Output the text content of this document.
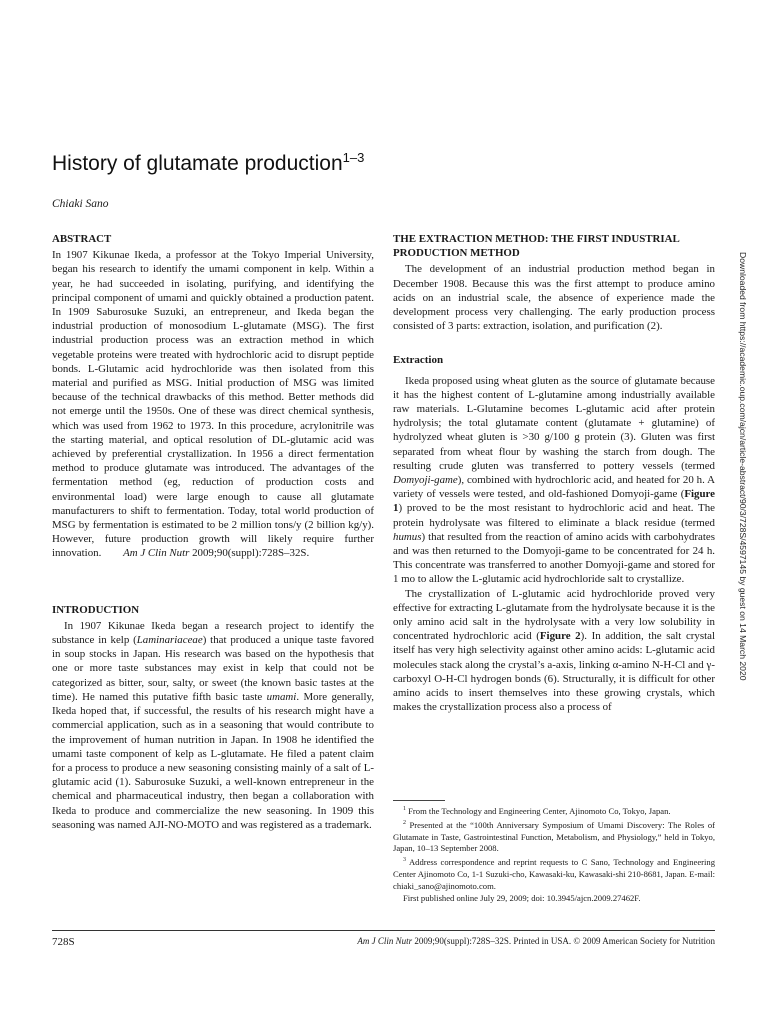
History of glutamate production$^{1-3}$
Chiaki Sano
ABSTRACT

In 1907 Kikunae Ikeda, a professor at the Tokyo Imperial University, began his research to identify the umami component in kelp. Within a year, he had succeeded in isolating, purifying, and identifying the principal component of umami and quickly obtained a production patent. In 1909 Saburosuke Suzuki, an entrepreneur, and Ikeda began the industrial production of monosodium L-glutamate (MSG). The first industrial production process was an extraction method in which vegetable proteins were treated with hydrochloric acid to disrupt peptide bonds. L-Glutamic acid hydrochloride was then isolated from this material and purified as MSG. Initial production of MSG was limited because of the technical drawbacks of this method. Better methods did not emerge until the 1950s. One of these was direct chemical synthesis, which was used from 1962 to 1973. In this procedure, acrylonitrile was the starting material, and optical resolution of DL-glutamic acid was achieved by preferential crystallization. In 1956 a direct fermentation method to produce glutamate was introduced. The advantages of the fermentation method (eg, reduction of production costs and environmental load) were large enough to cause all glutamate manufacturers to shift to fermentation. Today, total world production of MSG by fermentation is estimated to be 2 million tons/y (2 billion kg/y). However, future production growth will likely require further innovation.   Am J Clin Nutr 2009;90(suppl):728S–32S.

INTRODUCTION

In 1907 Kikunae Ikeda began a research project to identify the substance in kelp (Laminariaceae) that produced a unique taste favored in soup stocks in Japan. His research was based on the hypothesis that one or more taste substances may exist in kelp that could not be categorized as bitter, sour, salty, or sweet (the known basic tastes at the time). He named this putative fifth basic taste umami. More generally, Ikeda hoped that, if successful, the results of his research might have a commercial application, such as in a seasoning that would contribute to the improvement of human nutrition in Japan. In 1908 he identified the umami taste component of kelp as L-glutamate. He filed a patent claim for a process to produce a new seasoning consisting mainly of a salt of L-glutamic acid (1). Saburosuke Suzuki, a well-known entrepreneur in the chemical and pharmaceutical industry, then began a collaboration with Ikeda to produce and commercialize the new seasoning. In 1909 this seasoning was named AJI-NO-MOTO and was registered as a trademark.

THE EXTRACTION METHOD: THE FIRST INDUSTRIAL PRODUCTION METHOD

The development of an industrial production method began in December 1908. Because this was the first attempt to produce amino acids on an industrial scale, the absence of experience made the development process very challenging. The early production process consisted of 3 parts: extraction, isolation, and purification (2).

Extraction

Ikeda proposed using wheat gluten as the source of glutamate because it has the highest content of L-glutamine among industrially available raw materials. L-Glutamine becomes L-glutamic acid after protein hydrolysis; the total glutamate content (glutamate + glutamine) of hydrolyzed wheat gluten is >30 g/100 g protein (3). Gluten was first separated from wheat flour by washing the starch from dough. The resulting crude gluten was transferred to pottery vessels (termed Domyoji-game), combined with hydrochloric acid, and heated for 20 h. A variety of vessels were tested, and old-fashioned Domyoji-game (Figure 1) proved to be the most resistant to hydrochloric acid and heat. The protein hydrolysate was filtered to eliminate a black residue (termed humus) that resulted from the reaction of amino acids with carbohydrates and was then returned to the Domyoji-game to be concentrated for 24 h. This concentrate was transferred to another Domyoji-game and stored for 1 mo to allow the L-glutamic acid hydrochloride salt to crystallize.

The crystallization of L-glutamic acid hydrochloride proved very effective for extracting L-glutamate from the hydrolysate because it is the only amino acid salt in the hydrolysate with a very low solubility in concentrated hydrochloric acid (Figure 2). In addition, the salt crystal itself has very high selectivity against other amino acids: L-glutamic acid molecules stack along the crystal’s a-axis, linking α-amino N-H-Cl and γ-carboxyl O-H-Cl hydrogen bonds (6). Structurally, it is difficult for other amino acids to insert themselves into these growing crystals, which makes the crystallization process also a process of

$^1$ From the Technology and Engineering Center, Ajinomoto Co, Tokyo, Japan.

$^2$ Presented at the “100th Anniversary Symposium of Umami Discovery: The Roles of Glutamate in Taste, Gastrointestinal Function, Metabolism, and Physiology,” held in Tokyo, Japan, 10–13 September 2008.

$^3$ Address correspondence and reprint requests to C Sano, Technology and Engineering Center Ajinomoto Co, 1-1 Suzuki-cho, Kawasaki-ku, Kawasaki-shi 210-8681, Japan. E-mail: chiaki_sano@ajinomoto.com.

First published online July 29, 2009; doi: 10.3945/ajcn.2009.27462F.

728S	Am J Clin Nutr 2009;90(suppl):728S–32S. Printed in USA. © 2009 American Society for Nutrition
Downloaded from https://academic.oup.com/ajcn/article-abstract/90/3/728S/4597145 by guest on 14 March 2020
